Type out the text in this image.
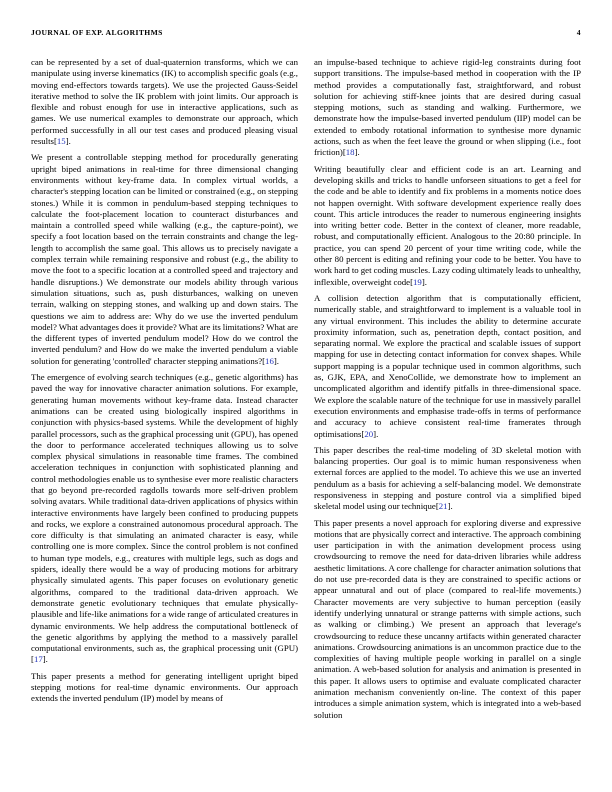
JOURNAL OF EXP. ALGORITHMS	4

can be represented by a set of dual-quaternion transforms, which we can manipulate using inverse kinematics (IK) to accomplish specific goals (e.g., moving end-effectors towards targets). We use the projected Gauss-Seidel iterative method to solve the IK problem with joint limits. Our approach is flexible and robust enough for use in interactive applications, such as games. We use numerical examples to demonstrate our approach, which performed successfully in all our test cases and produced pleasing visual results[15].

We present a controllable stepping method for procedurally generating upright biped animations in real-time for three dimensional changing environments without key-frame data. In complex virtual worlds, a character's stepping location can be limited or constrained (e.g., on stepping stones.) While it is common in pendulum-based stepping techniques to calculate the foot-placement location to counteract disturbances and maintain a controlled speed while walking (e.g., the capture-point), we specify a foot location based on the terrain constraints and change the leg-length to accomplish the same goal. This allows us to precisely navigate a complex terrain while remaining responsive and robust (e.g., the ability to move the foot to a specific location at a controlled speed and trajectory and handle disruptions.) We demonstrate our models ability through various simulation situations, such as, push disturbances, walking on uneven terrain, walking on stepping stones, and walking up and down stairs. The questions we aim to address are: Why do we use the inverted pendulum model? What advantages does it provide? What are its limitations? What are the different types of inverted pendulum model? How do we control the inverted pendulum? and How do we make the inverted pendulum a viable solution for generating 'controlled' character stepping animations?[16].

The emergence of evolving search techniques (e.g., genetic algorithms) has paved the way for innovative character animation solutions. For example, generating human movements without key-frame data. Instead character animations can be created using biologically inspired algorithms in conjunction with physics-based systems. While the development of highly parallel processors, such as the graphical processing unit (GPU), has opened the door to performance accelerated techniques allowing us to solve complex physical simulations in reasonable time frames. The combined acceleration techniques in conjunction with sophisticated planning and control methodologies enable us to synthesise ever more realistic characters that go beyond pre-recorded ragdolls towards more self-driven problem solving avatars. While traditional data-driven applications of physics within interactive environments have largely been confined to producing puppets and rocks, we explore a constrained autonomous procedural approach. The core difficulty is that simulating an animated character is easy, while controlling one is more complex. Since the control problem is not confined to human type models, e.g., creatures with multiple legs, such as dogs and spiders, ideally there would be a way of producing motions for arbitrary physically simulated agents. This paper focuses on evolutionary genetic algorithms, compared to the traditional data-driven approach. We demonstrate genetic evolutionary techniques that emulate physically-plausible and life-like animations for a wide range of articulated creatures in dynamic environments. We help address the computational bottleneck of the genetic algorithms by applying the method to a massively parallel computational environments, such as, the graphical processing unit (GPU)[17].

This paper presents a method for generating intelligent upright biped stepping motions for real-time dynamic environments. Our approach extends the inverted pendulum (IP) model by means of

an impulse-based technique to achieve rigid-leg constraints during foot support transitions. The impulse-based method in cooperation with the IP method provides a computationally fast, straightforward, and robust solution for achieving stiff-knee joints that are desired during casual stepping motions, such as standing and walking. Furthermore, we demonstrate how the impulse-based inverted pendulum (IIP) model can be extended to embody rotational information to synthesise more dynamic actions, such as when the feet leave the ground or when slipping (i.e., foot friction)[18].

Writing beautifully clear and efficient code is an art. Learning and developing skills and tricks to handle unforseen situations to get a feel for the code and be able to identify and fix problems in a moments notice does not happen overnight. With software development experience really does count. This article introduces the reader to numerous engineering insights into writing better code. Better in the context of cleaner, more readable, robust, and computationally efficient. Analogous to the 20:80 principle. In practice, you can spend 20 percent of your time writing code, while the other 80 percent is editing and refining your code to be better. You have to work hard to get coding muscles. Lazy coding ultimately leads to unhealthy, inflexible, overweight code[19].

A collision detection algorithm that is computationally efficient, numerically stable, and straightforward to implement is a valuable tool in any virtual environment. This includes the ability to determine accurate proximity information, such as, penetration depth, contact position, and separating normal. We explore the practical and scalable issues of support mapping for use in detecting contact information for convex shapes. While support mapping is a popular technique used in common algorithms, such as, GJK, EPA, and XenoCollide, we demonstrate how to implement an uncomplicated algorithm and identify pitfalls in three-dimensional space. We explore the scalable nature of the technique for use in massively parallel execution environments and emphasise trade-offs in terms of performance and accuracy to achieve consistent real-time framerates through optimisations[20].

This paper describes the real-time modeling of 3D skeletal motion with balancing properties. Our goal is to mimic human responsiveness when external forces are applied to the model. To achieve this we use an inverted pendulum as a basis for achieving a self-balancing model. We demonstrate responsiveness in stepping and posture control via a simplified biped skeletal model using our technique[21].

This paper presents a novel approach for exploring diverse and expressive motions that are physically correct and interactive. The approach combining user participation in with the animation development process using crowdsourcing to remove the need for data-driven libraries while address aesthetic limitations. A core challenge for character animation solutions that do not use pre-recorded data is they are constrained to specific actions or appear unnatural and out of place (compared to real-life movements.) Character movements are very subjective to human perception (easily identify underlying unnatural or strange patterns with simple actions, such as walking or climbing.) We present an approach that leverage's crowdsourcing to reduce these uncanny artifacts within generated character animations. Crowdsourcing animations is an uncommon practice due to the complexities of having multiple people working in parallel on a single animation. A web-based solution for analysis and animation is presented in this paper. It allows users to optimise and evaluate complicated character animation mechanism conveniently on-line. The context of this paper introduces a simple animation system, which is integrated into a web-based solution
